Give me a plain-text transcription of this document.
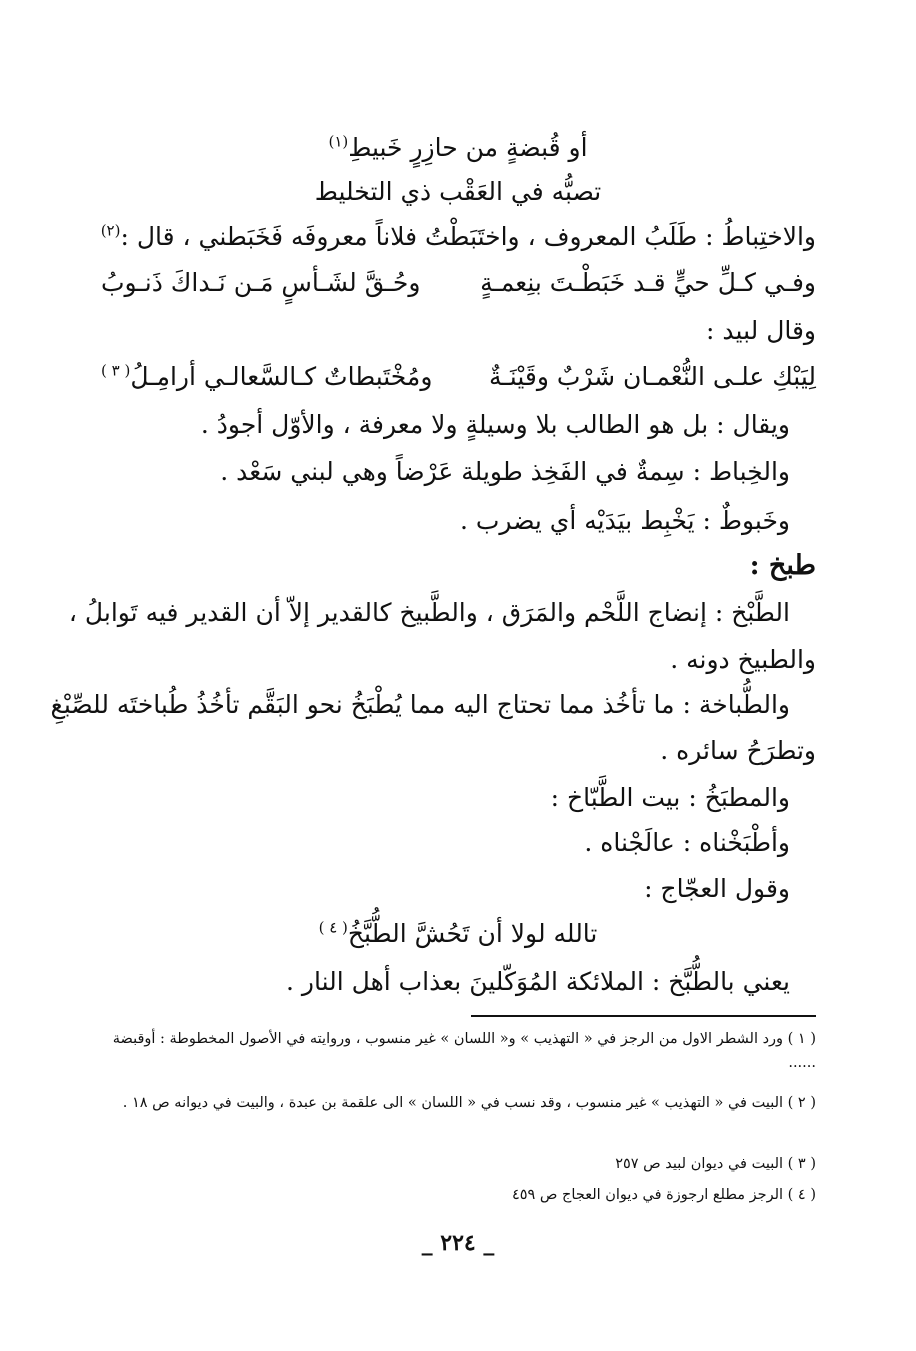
أو قُبضةٍ من حازِرٍ خَبيطِ$^{(١)}$
تصبُّه في العَقْب ذي التخليط
والاختِباطُ : طَلَبُ المعروف ، واختَبَطْتُ فلاناً معروفَه فَخَبَطني ، قال :$^{(٢)}$
وفـي كـلِّ حيٍّ قـد خَبَطْـتَ بنِعمـةٍ
وحُـقَّ لشَـأسٍ مَـن نَـداكَ ذَنـوبُ
وقال لبيد :
لِيَبْكِ علـى النُّعْمـان شَرْبٌ وقَيْنَـةٌ
ومُخْتَبطاتٌ كـالسَّعالـي أرامِـلُ$^{( ٣ )}$
ويقال : بل هو الطالب بلا وسيلةٍ ولا معرفة ، والأوّل أجودُ .
والخِباط : سِمةٌ في الفَخِذ طويلة عَرْضاً وهي لبني سَعْد .
وخَبوطٌ : يَخْبِط بيَدَيْه أي يضرب .
طبخ :
الطَّبْخ : إنضاج اللَّحْم والمَرَق ، والطَّبيخ كالقدير إلاّ أن القدير فيه تَوابلُ ،
والطبيخ دونه .
والطُّباخة : ما تأخُذ مما تحتاج اليه مما يُطْبَخُ نحو البَقَّم تأخُذُ طُباختَه للصِّبْغِ
وتطرَحُ سائره .
والمطبَخُ : بيت الطَّبّاخ :
وأطْبَخْناه : عالَجْناه .
وقول العجّاج :
تالله لولا أن تَحُشَّ الطُّبَّخُ$^{( ٤ )}$
يعني بالطُّبَّخ : الملائكة المُوَكّلينَ بعذاب أهل النار .
( ١ ) ورد الشطر الاول من الرجز في « التهذيب » و« اللسان » غير منسوب ، وروايته في الأصول المخطوطة : أوقبضة ......
( ٢ ) البيت في « التهذيب » غير منسوب ، وقد نسب في « اللسان » الى علقمة بن عبدة ، والبيت في ديوانه ص ١٨ .
( ٣ ) البيت في ديوان لبيد ص ٢٥٧
( ٤ ) الرجز مطلع ارجوزة في ديوان العجاج ص ٤٥٩
_ ٢٢٤ _
